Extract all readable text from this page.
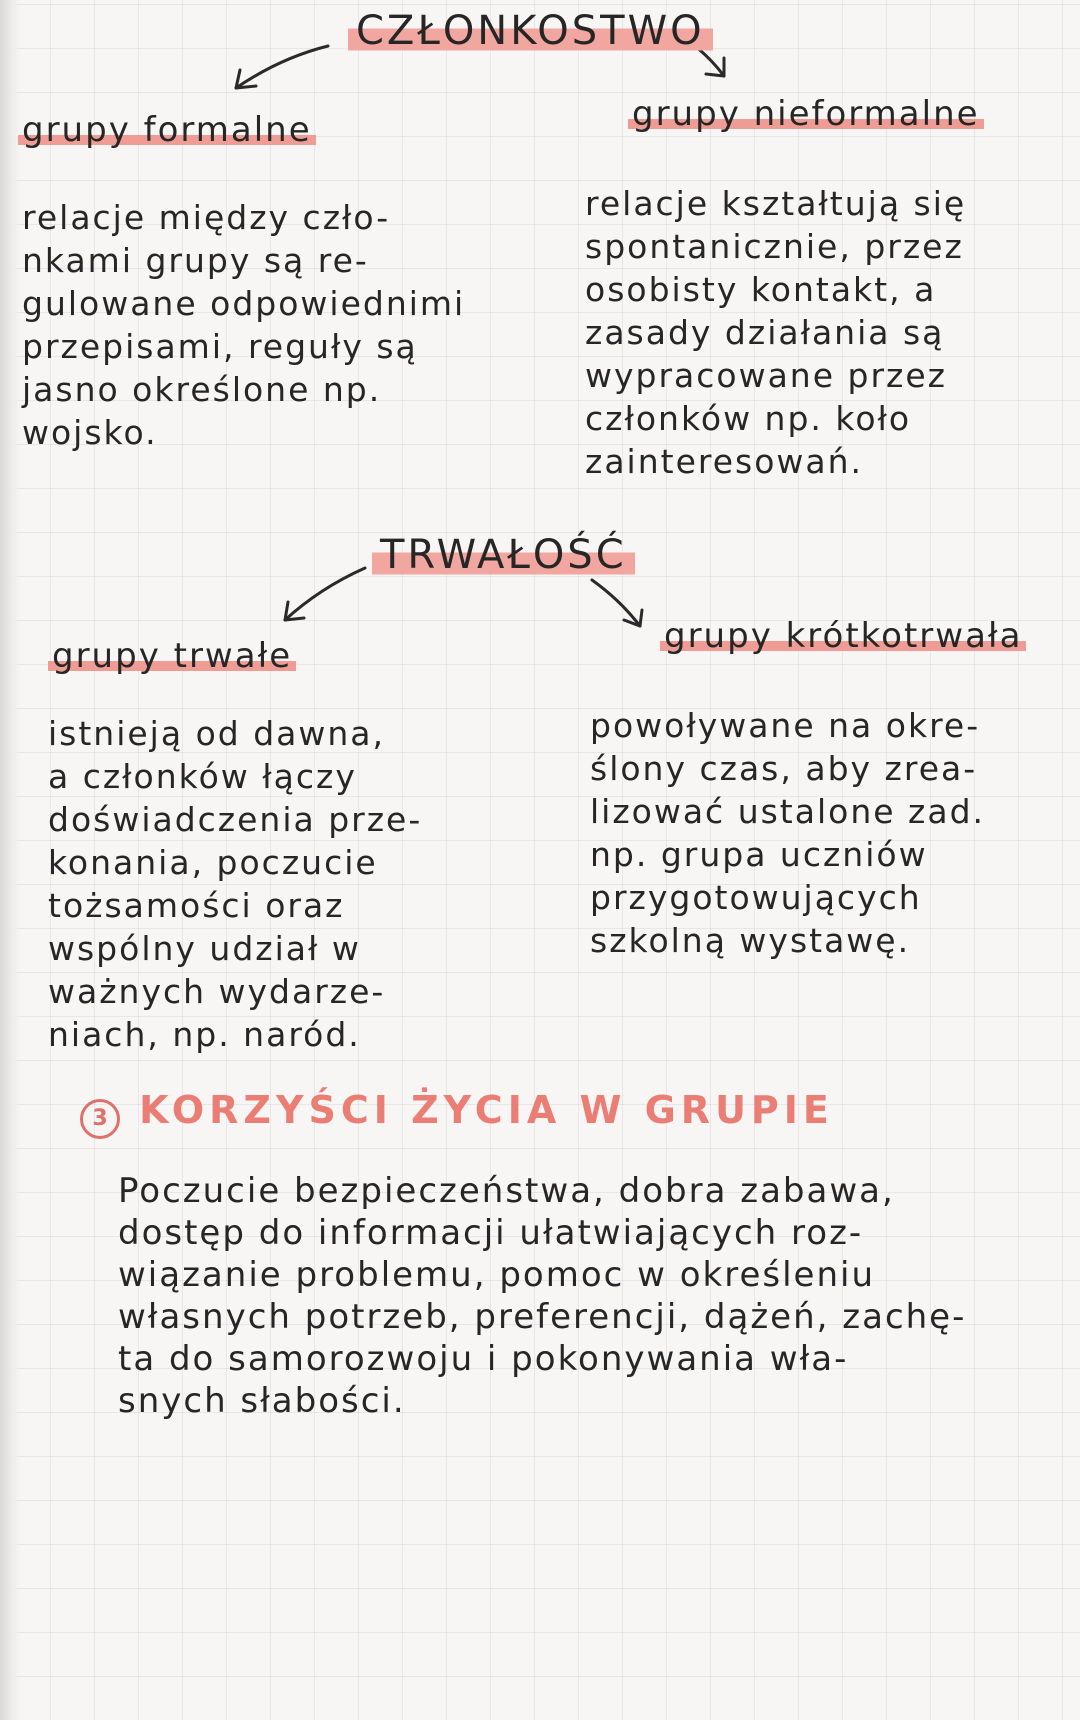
CZŁONKOSTWO
grupy formalne	grupy nieformalne
relacje między czło-
nkami grupy są re-
gulowane odpowiednimi
przepisami, reguły są
jasno określone np.
wojsko.
relacje kształtują się
spontanicznie, przez
osobisty kontakt, a
zasady działania są
wypracowane przez
członków np. koło
zainteresowań.
TRWAŁOŚĆ
grupy trwałe	grupy krótkotrwała
istnieją od dawna,
a członków łączy
doświadczenia prze-
konania, poczucie
tożsamości oraz
wspólny udział w
ważnych wydarze-
niach, np. naród.
powoływane na okre-
ślony czas, aby zrea-
lizować ustalone zad.
np. grupa uczniów
przygotowujących
szkolną wystawę.
3 KORZYŚCI ŻYCIA W GRUPIE
Poczucie bezpieczeństwa, dobra zabawa,
dostęp do informacji ułatwiających roz-
wiązanie problemu, pomoc w określeniu
własnych potrzeb, preferencji, dążeń, zachę-
ta do samorozwoju i pokonywania wła-
snych słabości.
